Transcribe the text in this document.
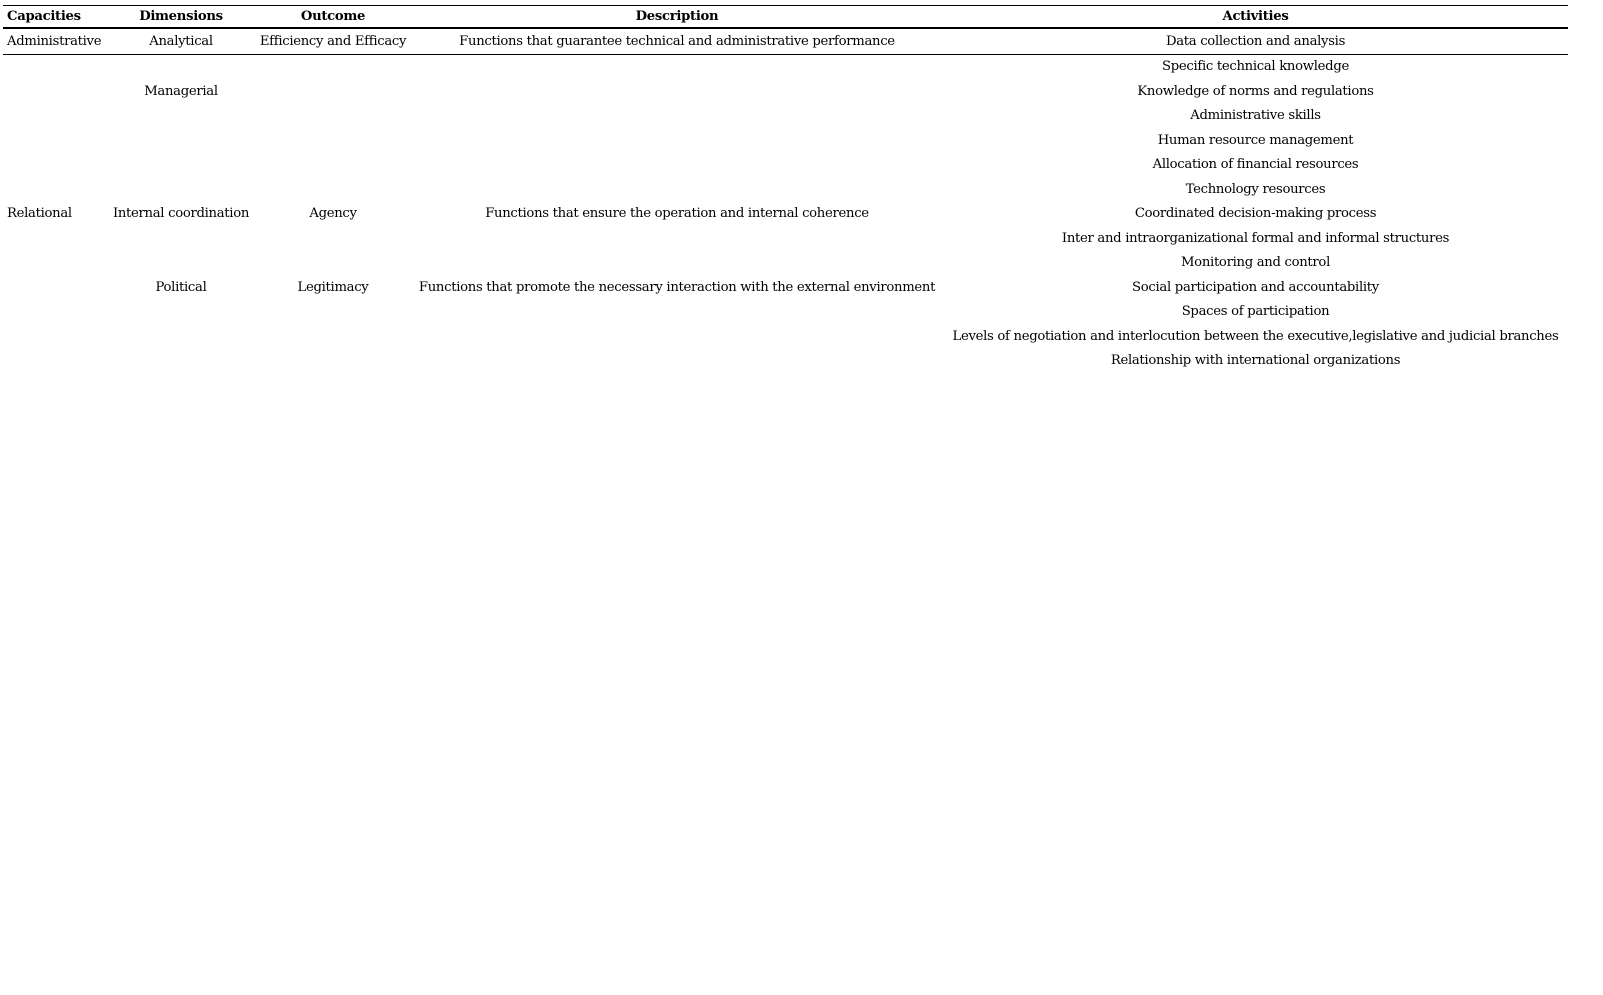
Capacities	Dimensions	Outcome	Description	Activities
Administrative	Analytical	Efficiency and Efficacy	Functions that guarantee technical and administrative performance	Data collection and analysis
				Specific technical knowledge
	Managerial			Knowledge of norms and regulations
				Administrative skills
				Human resource management
				Allocation of financial resources
				Technology resources
Relational	Internal coordination	Agency	Functions that ensure the operation and internal coherence	Coordinated decision-making process
				Inter and intraorganizational formal and informal structures
				Monitoring and control
	Political	Legitimacy	Functions that promote the necessary interaction with the external environment	Social participation and accountability
				Spaces of participation
				Levels of negotiation and interlocution between the executive,legislative and judicial branches
				Relationship with international organizations
